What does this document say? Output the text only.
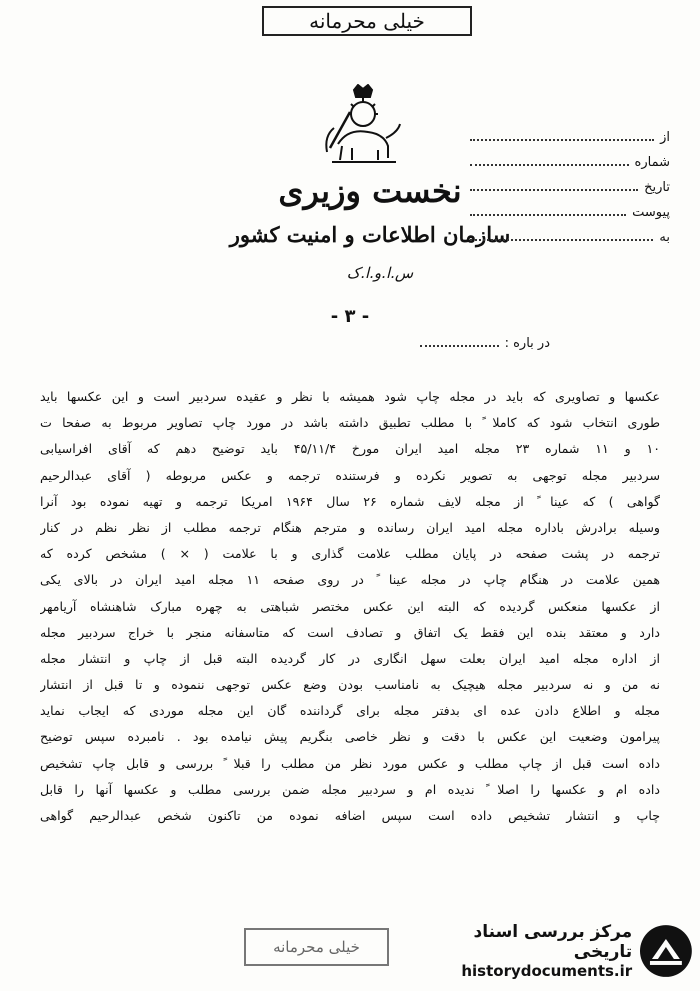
خیلی محرمانه
نخست وزیری
سازمان اطلاعات و امنیت کشور
س.ا.و.ا.ک
- ۳ -
از
شماره
تاریخ
پیوست
به
در باره :
عکسها و تصاویری که باید در مجله چاپ شود همیشه با نظر و عقیده سردبیر است و این عکسها باید
طوری انتخاب شود که کاملا ً با مطلب تطبیق داشته باشد در مورد چاپ تصاویر مربوط به صفحا ت
۱۰ و ۱۱ شماره ۲۳ مجله امید ایران مورخ ۴۵/۱۱/۴ باید توضیح دهم که آقای افراسیابی
سردبیر مجله توجهی به تصویر نکرده و فرستنده ترجمه و عکس مربوطه ( آقای عبدالرحیم
گواهی ) که عینا ً از مجله لایف شماره ۲۶ سال ۱۹۶۴ امریکا ترجمه و تهیه نموده بود آنرا
وسیله برادرش باداره مجله امید ایران رسانده و مترجم هنگام ترجمه مطلب از نظر نظم در کنار
ترجمه در پشت صفحه در پایان مطلب علامت گذاری و با علامت ( × ) مشخص کرده که
همین علامت در هنگام چاپ در مجله عینا ً در روی صفحه ۱۱ مجله امید ایران در بالای یکی
از عکسها منعکس گردیده که البته این عکس مختصر شباهتی به چهره مبارک شاهنشاه آریامهر
دارد و معتقد بنده این فقط یک اتفاق و تصادف است که متاسفانه منجر با خراج سردبیر مجله
از اداره مجله امید ایران بعلت سهل انگاری در کار گردیده البته قبل از چاپ و انتشار مجله
نه من و نه سردبیر مجله هیچیک به نامناسب بودن وضع عکس توجهی ننموده و تا قبل از انتشار
مجله و اطلاع دادن عده ای بدفتر مجله برای گرداننده گان این مجله موردی که ایجاب نماید
پیرامون وضعیت این عکس با دقت و نظر خاصی بنگریم پیش نیامده بود . نامبرده سپس توضیح
داده است قبل از چاپ مطلب و عکس مورد نظر من مطلب را قبلا ً بررسی و قابل چاپ تشخیص
داده ام و عکسها را اصلا ً ندیده ام و سردبیر مجله ضمن بررسی مطلب و عکسها آنها را قابل
چاپ و انتشار تشخیص داده است سپس اضافه نموده من تاکنون شخص عبدالرحیم گواهی
خیلی محرمانه
مرکز بررسی اسناد تاریخی
historydocuments.ir
